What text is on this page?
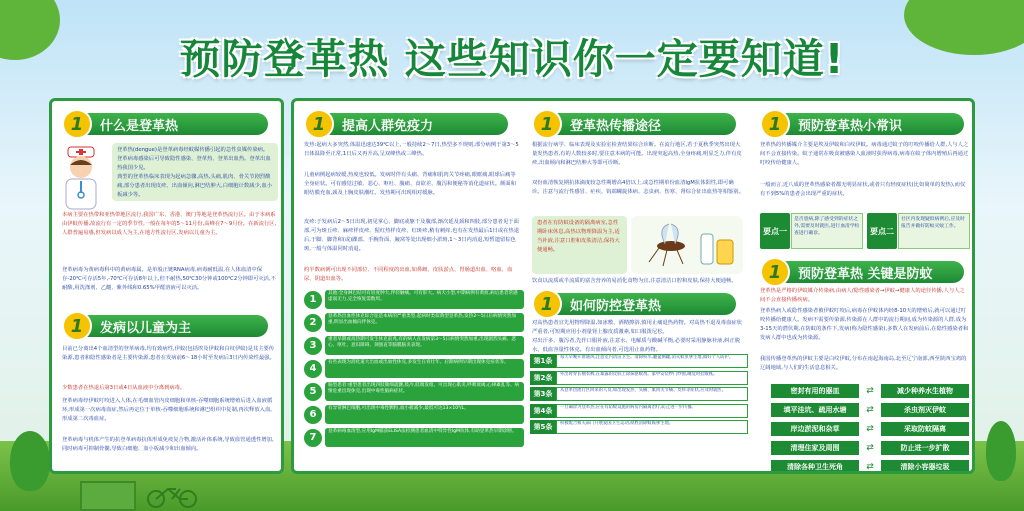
预防登革热 这些知识你一定要知道!
1	什么是登革热
登革热(dengue)是登革病毒经蚊媒传播引起的急性虫媒传染病。登革病毒感染后可导致隐性感染、登革热、登革出血热。登革出血热我国少见。
典型的登革热临床表现为起病急骤,高热,头痛,肌肉、骨关节剧烈酸痛,部分患者出现皮疹、出血倾向,淋巴结肿大,白细胞计数减少,血小板减少等。
本病主要在热带和亚热带地区流行,我国广东、香港、澳门等地是登革热流行区。由于本病系由伊蚊传播,故流行有一定的季节性,一般在每年的5～11月份,高峰在7～9月份。在新流行区,人群普遍易感,但发病以成人为主,在地方性流行区,发病以儿童为主。
登革病毒为黄病毒科中的黄病毒属。是单股正链RNA病毒,病毒耐低温,在人体血清中保存-20℃可存活5年,-70℃可存活8年以上,但不耐热,50℃30分钟或100℃2分钟即可灭活,不耐酸,用洗涤剂、乙醚、紫外线和0.65%甲醛溶液可以灭活。
1	发病以儿童为主
目前已分离出4个血清型的登革病毒,均有致病性,伊蚊(包括埃及伊蚊和白纹伊蚊)是其主要传染源,患者和隐性感染者是主要传染源,患者在发病前6～18小时至发病后3日内传染性最强。
少数患者在热退后第3日或4日从血液中分离到病毒。
登革病毒经伊蚊叮咬进入人体,在毛细血管内皮细胞和单核-吞噬细胞系统增殖后进入血液循环,形成第一次病毒血症,然后再定位于单核-吞噬细胞系统和淋巴组织中复制,再次释放入血,形成第二次毒血症。
登革病毒与机体产生的抗登革病毒抗体形成免疫复合物,激活补体系统,导致血管通透性增加,同时病毒可抑制骨髓,导致白细胞、血小板减少和出血倾向。
1	提高人群免疫力
发热:起病大多突然,体温迅速达39℃以上,一般持续2～7日,热型多不规则,部分病例于第3～5日体温降至正常,1日后又再升高,呈双峰热或三峰热。
儿童病例起病较缓,热度也较低。发病时伴有头痛、背痛和肌肉关节疼痛,眼眶痛,眼球后痛等全身症状。可有感觉过敏、恶心、呕吐、腹痛、食欲差、腹泻和便秘等消化道症状。颜面和眼结膜充血,颈及上胸皮肤潮红。发热期可出现相对缓脉。
皮疹:于发病后2～5日出现,初见掌心、脚底或躯干及腹部,渐次延及颈和四肢,部分患者见于面部,可为斑丘疹、麻疹样皮疹、猩红热样皮疹、红斑疹,稍有刺痒,也有在发热最后1日或在热退后,于脚、脚背和(或)踝部、手腕背面、腋窝等处出现细小淤斑,1～3日内消退,短暂遗留棕色斑,一般与体温同时消退。
约半数病例可出现不同部位、不同程度的出血,如鼻衄、皮肤淤点、胃肠道出血、咯血、血尿、阴道出血等。
1
其他:全身淋巴结可有轻度肿大,伴轻触痛。可有肝大。病大小型,中期病例有黄疸,病后患者常感虚弱无力,完全恢复需数周。
2
登革热出血性休克综合征是本病的严重类型,起病时类似典型登革热,发热2～5日后病情突然加重,明显出血倾向伴休克。
3
重者早期或高热期可发生休克前兆,有的病人在发病第3～5日病情突然加重,出现剧烈头痛、恶心、呕吐、意识障碍、颈强直等脑膜脑炎表现。
4
有些表现为消化道大出血或出血性休克,多发生在青壮年。后期病例早期出现休克症状等。
5
脑型患者:重型患者出现四肢微细震颤,肢冷,肢端发绀。可出现心肌炎,呼吸衰竭,心律紊乱等。病情危重出现休克,出现中毒性脑病症状。
6
有异常淋巴细胞,可出现中毒性颗粒,血小板减少,最低可达13×10⁹/L。
7
登革病毒血清型,应用IgM捕获ELISA法检测患者血清中特异性IgM抗体,有助登革热早期诊断。
1	登革热传播途径
根据流行病学、临床表现及实验室检查结果综合诊断。在流行地区,若于夏秋季突然出现大量发热患者,有的人数较多时,要注意本病的可能。出现突起高热,全身疼痛,明显乏力,伴有皮疹,出血倾向和淋巴结肿大等即可诊断。
双份血清恢复期抗体滴度较急性期增高4倍以上,或急性期单份血清IgM抗体阳性,即可确诊。注意与流行性感冒、疟疾、钩端螺旋体病、恙虫病、伤寒、肾综合征出血热等相鉴别。
患者在有防蚊设备的隔离病室,急性期卧床休息,高热以物理降温为主,适当补液,注意口腔和皮肤清洁,保持大便通畅。
饮食以流质或半流质的富含营养的易消化食物为宜,注意清洁口腔和皮肤,保持大便通畅。
1	如何防控登革热
对高热患者宜先用物理降温,如冰敷、酒精擦浴,慎用止痛退热药物。对高热不退及毒血症状严重者,可短期应用小剂量肾上腺皮质激素,如口服泼尼松。
对出汗多、腹泻者,先作口服补液,注意水、电解质与酸碱平衡,必要时采用静脉补液,纠正脱水、低血容量性休克。有出血倾向者,可选用止血药物。
第1条	每天早晚开窗通风,注意室内清洁卫生。清除积水,翻盆倒罐,消灭蚊虫孳生地,做好个人防护。
第2条	外出时穿长袖衣裤,在暴露的皮肤上涂抹驱蚊剂。家中安装纱门纱窗,睡觉时挂蚊帐。
第3条	从登革热流行区回来的人员,如出现发热、头痛、肌肉关节痛、皮疹等症状,应及时就医。
第4条	一旦确诊为登革热,应在有防蚊设施的病房内隔离治疗,防止进一步传播。
第5条	积极配合相关部门开展爱国卫生运动,彻底清除蚊媒孳生地。
1	预防登革热小常识
登革热的传播媒介主要是埃及伊蚊和白纹伊蚊。病毒通过蚊子的叮咬传播给人群,人与人之间不会直接传染。蚊子通常在吸食被感染人血液时获得病毒,病毒在蚊子体内增殖后再通过叮咬传给健康人。
一般而言,近八成的登革热感染者都无明显症状,或者只有轻度症状(比如简单的发热),而仅有不到5%的患者会出现严重的症状。
要点一
是否患病,除了感受到的症状之外,需要及时就医,进行血清学检查进行确诊。	要点二
社区内发现疑似病例后,应及时报告并做好防蚊灭蚊工作。
1	预防登革热 关键是防蚊
登革热是严格的伊蚊媒介传染病,由病人/隐性感染者→伊蚊→健康人的途径传播,人与人之间不会直接传播疾病。
登革热病人或隐性感染者被伊蚊叮咬后,病毒在伊蚊体内经8-10天的增殖后,就可以通过叮咬传播给健康人。发病不需要传染源,传染源在人群中的流行期间,成为传染源的人群,成为3-15天的潜伏期,在防蚊的条件下,发病(称为隐性感染),多数人在发病前后,在隐性感染者和发病人群中也成为传染源。
我国传播登革热的伊蚊主要是白纹伊蚊,分布在南起海南岛,北至辽宁南部,西至陕西宝鸡的辽阔地域,与人们的生活息息相关。
密封有用的器皿	⇄	减少种养水生植物
填平洼坑、疏用水塘	⇄	杀虫剂灭伊蚊
岸边淤泥和杂草	⇄	采取防蚊隔离
清理住家及周围	⇄	防止进一步扩散
清除各种卫生死角	⇄	清除小容器垃圾
